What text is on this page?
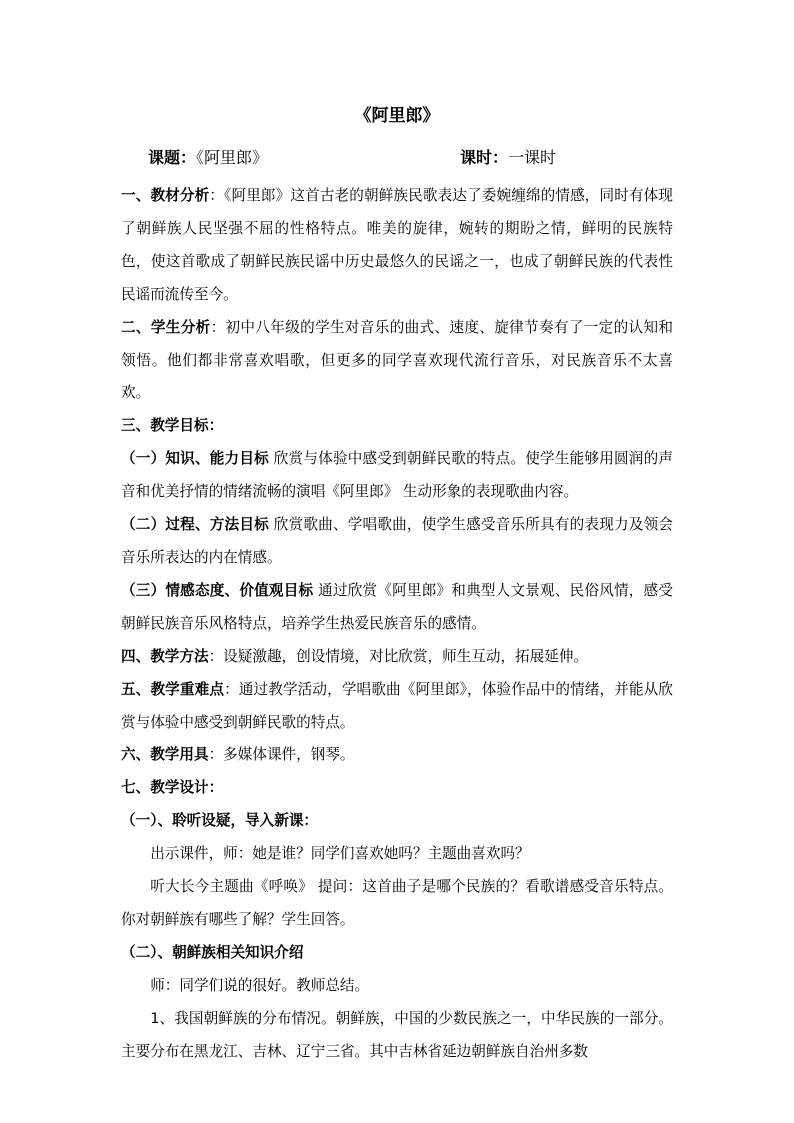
《阿里郎》
课题：《阿里郎》	课时：一课时

一、教材分析：《阿里郎》这首古老的朝鲜族民歌表达了委婉缠绵的情感，同时有体现了朝鲜族人民坚强不屈的性格特点。唯美的旋律，婉转的期盼之情，鲜明的民族特色，使这首歌成了朝鲜民族民谣中历史最悠久的民谣之一，也成了朝鲜民族的代表性民谣而流传至今。

二、学生分析：初中八年级的学生对音乐的曲式、速度、旋律节奏有了一定的认知和领悟。他们都非常喜欢唱歌，但更多的同学喜欢现代流行音乐，对民族音乐不太喜欢。

三、教学目标：

（一）知识、能力目标 欣赏与体验中感受到朝鲜民歌的特点。使学生能够用圆润的声音和优美抒情的情绪流畅的演唱《阿里郎》 生动形象的表现歌曲内容。

（二）过程、方法目标 欣赏歌曲、学唱歌曲，使学生感受音乐所具有的表现力及领会音乐所表达的内在情感。

（三）情感态度、价值观目标 通过欣赏《阿里郎》和典型人文景观、民俗风情，感受朝鲜民族音乐风格特点，培养学生热爱民族音乐的感情。

四、教学方法：设疑激趣，创设情境，对比欣赏，师生互动，拓展延伸。

五、教学重难点：通过教学活动，学唱歌曲《阿里郎》，体验作品中的情绪，并能从欣赏与体验中感受到朝鲜民歌的特点。

六、教学用具：多媒体课件，钢琴。

七、教学设计：

（一）、聆听设疑，导入新课：

出示课件，师：她是谁？同学们喜欢她吗？主题曲喜欢吗？

听大长今主题曲《呼唤》 提问：这首曲子是哪个民族的？看歌谱感受音乐特点。你对朝鲜族有哪些了解？学生回答。

（二）、朝鲜族相关知识介绍

师：同学们说的很好。教师总结。

1、我国朝鲜族的分布情况。朝鲜族，中国的少数民族之一，中华民族的一部分。主要分布在黑龙江、吉林、辽宁三省。其中吉林省延边朝鲜族自治州多数
